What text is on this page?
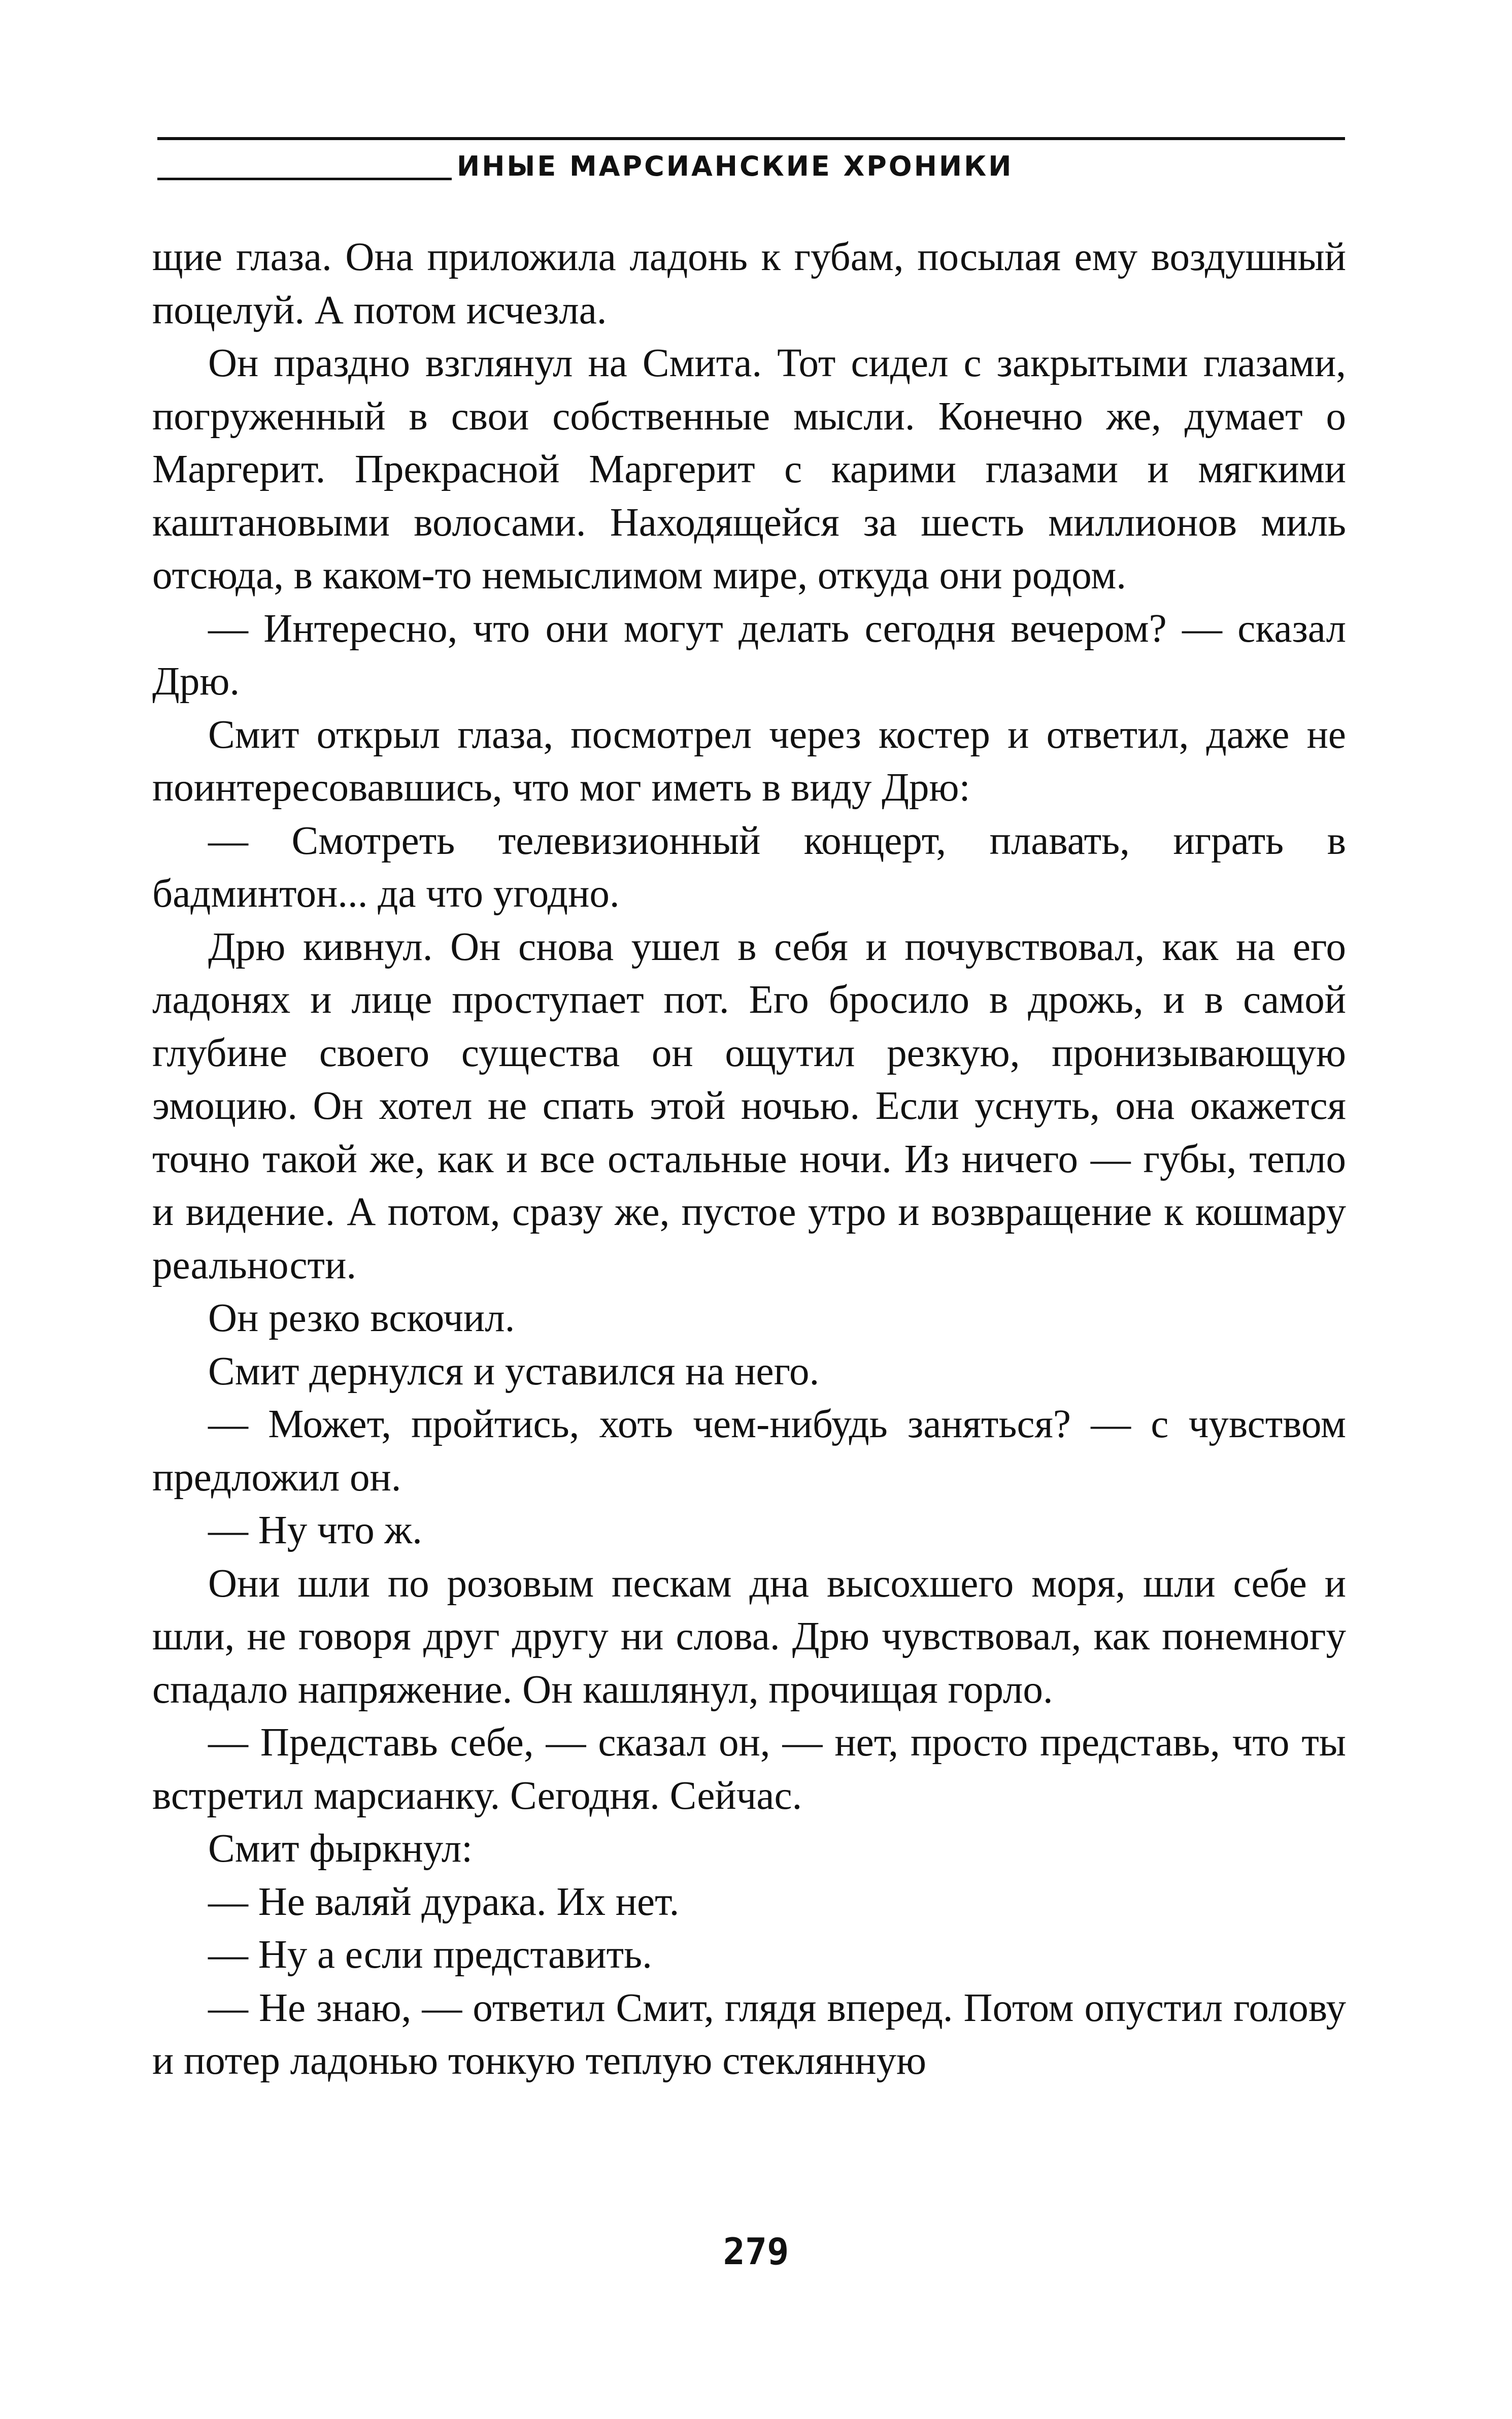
ИНЫЕ МАРСИАНСКИЕ ХРОНИКИ

щие глаза. Она приложила ладонь к губам, посылая ему воздушный поцелуй. А потом исчезла.

Он праздно взглянул на Смита. Тот сидел с закрытыми глазами, погруженный в свои собственные мысли. Конечно же, думает о Маргерит. Прекрасной Маргерит с карими глазами и мягкими каштановыми волосами. Находящейся за шесть миллионов миль отсюда, в каком-то немыслимом мире, откуда они родом.

— Интересно, что они могут делать сегодня вечером? — сказал Дрю.

Смит открыл глаза, посмотрел через костер и ответил, даже не поинтересовавшись, что мог иметь в виду Дрю:

— Смотреть телевизионный концерт, плавать, играть в бадминтон... да что угодно.

Дрю кивнул. Он снова ушел в себя и почувствовал, как на его ладонях и лице проступает пот. Его бросило в дрожь, и в самой глубине своего существа он ощутил резкую, пронизывающую эмоцию. Он хотел не спать этой ночью. Если уснуть, она окажется точно такой же, как и все остальные ночи. Из ничего — губы, тепло и видение. А потом, сразу же, пустое утро и возвращение к кошмару реальности.

Он резко вскочил.

Смит дернулся и уставился на него.

— Может, пройтись, хоть чем-нибудь заняться? — с чувством предложил он.

— Ну что ж.

Они шли по розовым пескам дна высохшего моря, шли себе и шли, не говоря друг другу ни слова. Дрю чувствовал, как понемногу спадало напряжение. Он кашлянул, прочищая горло.

— Представь себе, — сказал он, — нет, просто представь, что ты встретил марсианку. Сегодня. Сейчас.

Смит фыркнул:

— Не валяй дурака. Их нет.

— Ну а если представить.

— Не знаю, — ответил Смит, глядя вперед. Потом опустил голову и потер ладонью тонкую теплую стеклянную

279
